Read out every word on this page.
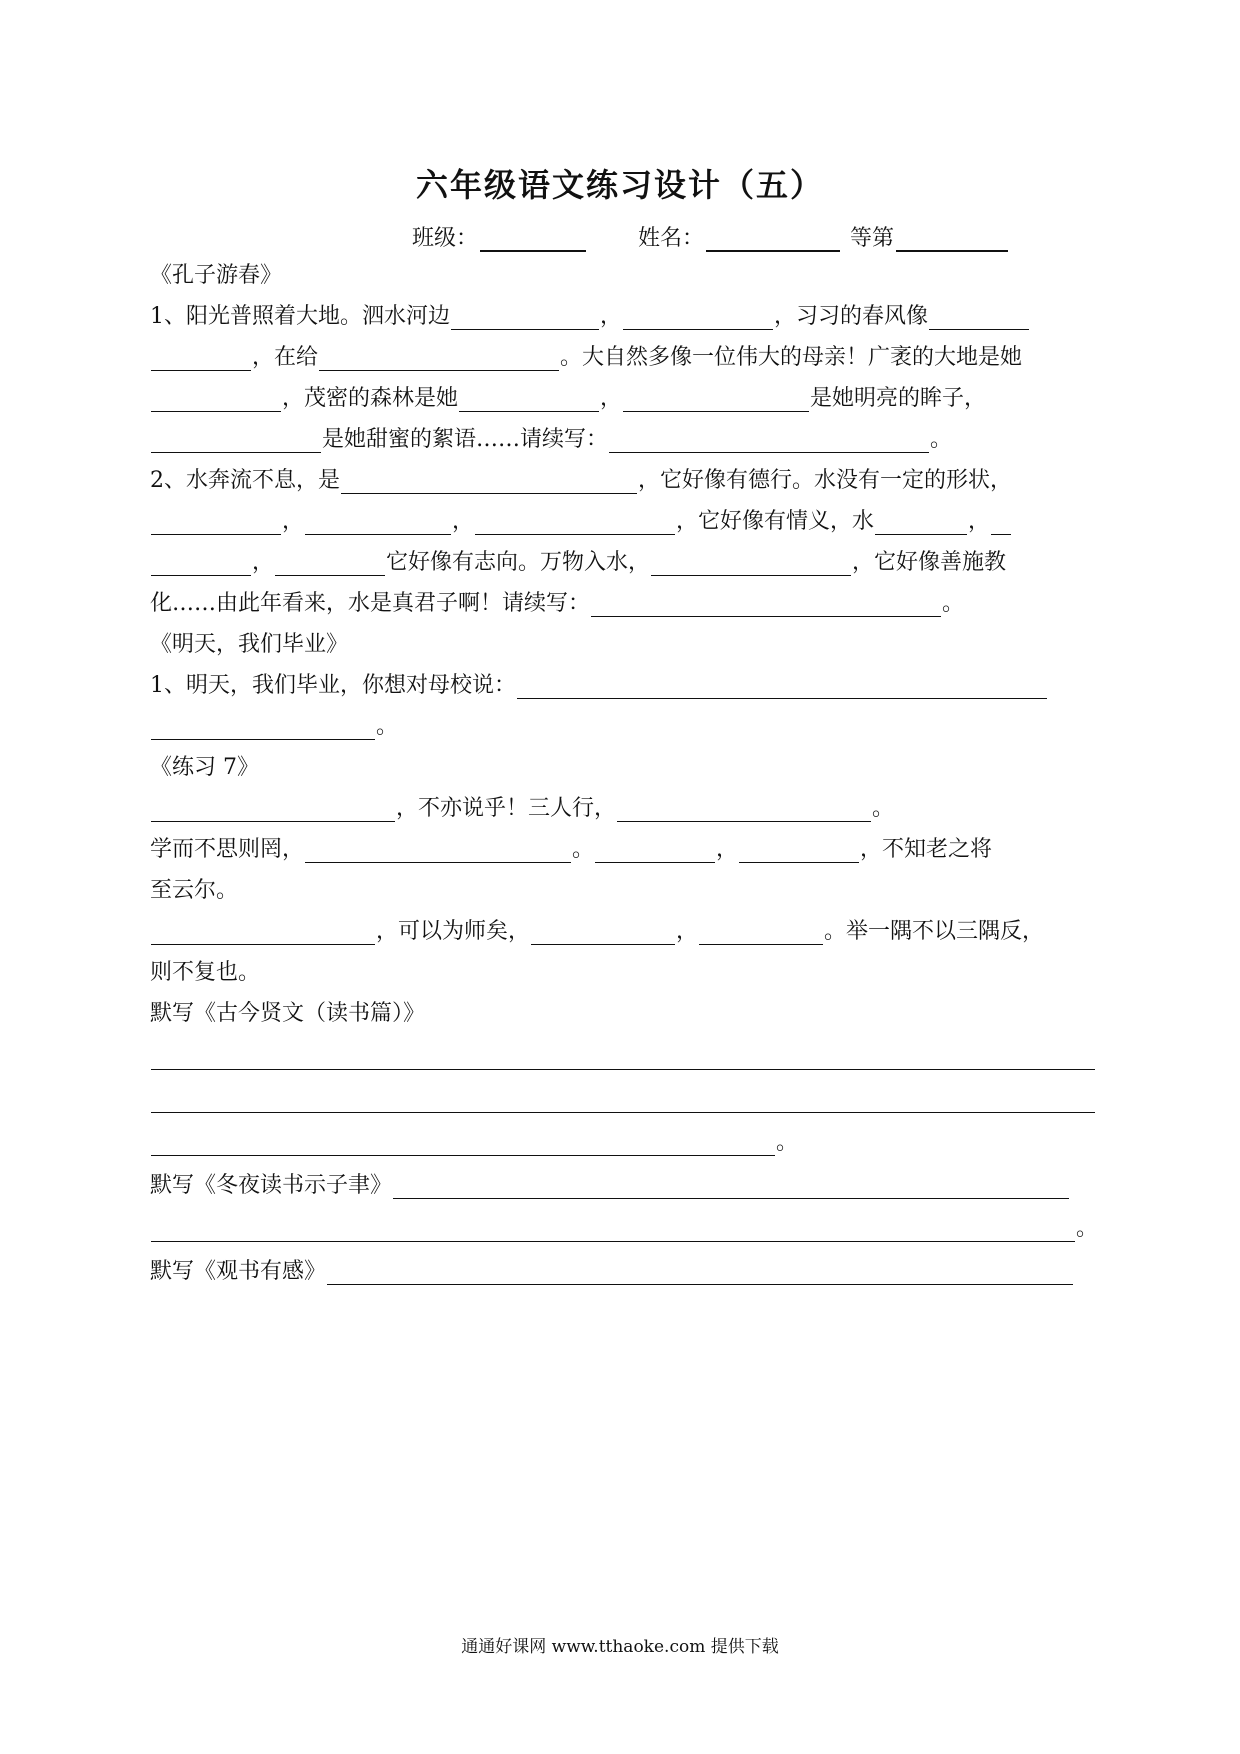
六年级语文练习设计（五）
班级：	姓名：	等第
《孔子游春》
1、阳光普照着大地。泗水河边	，	，习习的春风像
，在给	。大自然多像一位伟大的母亲！广袤的大地是她
，茂密的森林是她	，	是她明亮的眸子，
是她甜蜜的絮语……请续写：	。
2、水奔流不息，是	，它好像有德行。水没有一定的形状，
，	，	，它好像有情义，水	，
，	它好像有志向。万物入水，	，它好像善施教
化……由此年看来，水是真君子啊！请续写：	。
《明天，我们毕业》
1、明天，我们毕业，你想对母校说：
。
《练习 7》
，不亦说乎！三人行，	。
学而不思则罔，	。	，	，不知老之将
至云尔。
，可以为师矣，	，	。举一隅不以三隅反，
则不复也。
默写《古今贤文（读书篇）》
。
默写《冬夜读书示子聿》
。
默写《观书有感》
通通好课网 www.tthaoke.com 提供下载
